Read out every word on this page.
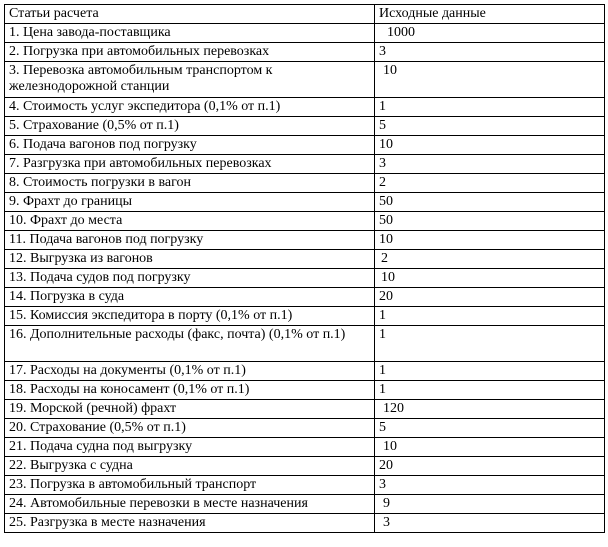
Статьи расчета	Исходные данные
1. Цена завода-поставщика	1000
2. Погрузка при автомобильных перевозках	3
3. Перевозка автомобильным транспортом к железнодорожной станции	10
4. Стоимость услуг экспедитора (0,1% от п.1)	1
5. Страхование (0,5% от п.1)	5
6. Подача вагонов под погрузку	10
7. Разгрузка при автомобильных перевозках	3
8. Стоимость погрузки в вагон	2
9. Фрахт до границы	50
10. Фрахт до места	50
11. Подача вагонов под погрузку	10
12. Выгрузка из вагонов	2
13. Подача судов под погрузку	10
14. Погрузка в суда	20
15. Комиссия экспедитора в порту (0,1% от п.1)	1
16. Дополнительные расходы (факс, почта) (0,1% от п.1)	1
17. Расходы на документы (0,1% от п.1)	1
18. Расходы на коносамент (0,1% от п.1)	1
19. Морской (речной) фрахт	120
20. Страхование (0,5% от п.1)	5
21. Подача судна под выгрузку	10
22. Выгрузка с судна	20
23. Погрузка в автомобильный транспорт	3
24. Автомобильные перевозки в месте назначения	9
25. Разгрузка в месте назначения	3
